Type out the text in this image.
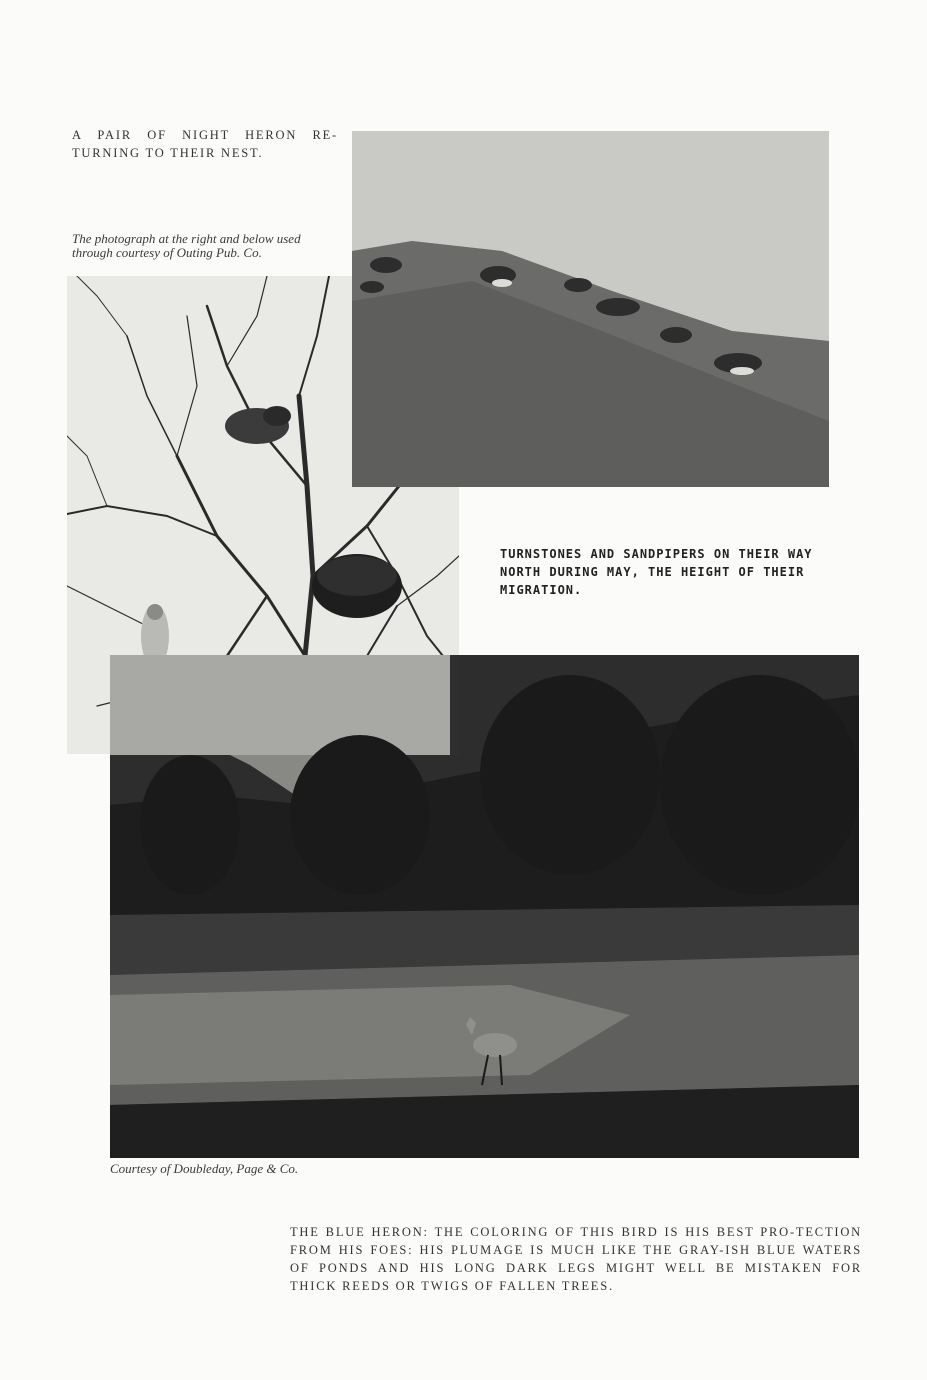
A PAIR OF NIGHT HERON RE-TURNING TO THEIR NEST.

The photograph at the right and below used through courtesy of Outing Pub. Co.

TURNSTONES AND SANDPIPERS ON THEIR WAY NORTH DURING MAY, THE HEIGHT OF THEIR MIGRATION.

Courtesy of Doubleday, Page & Co.

THE BLUE HERON: THE COLORING OF THIS BIRD IS HIS BEST PRO-TECTION FROM HIS FOES: HIS PLUMAGE IS MUCH LIKE THE GRAY-ISH BLUE WATERS OF PONDS AND HIS LONG DARK LEGS MIGHT WELL BE MISTAKEN FOR THICK REEDS OR TWIGS OF FALLEN TREES.
